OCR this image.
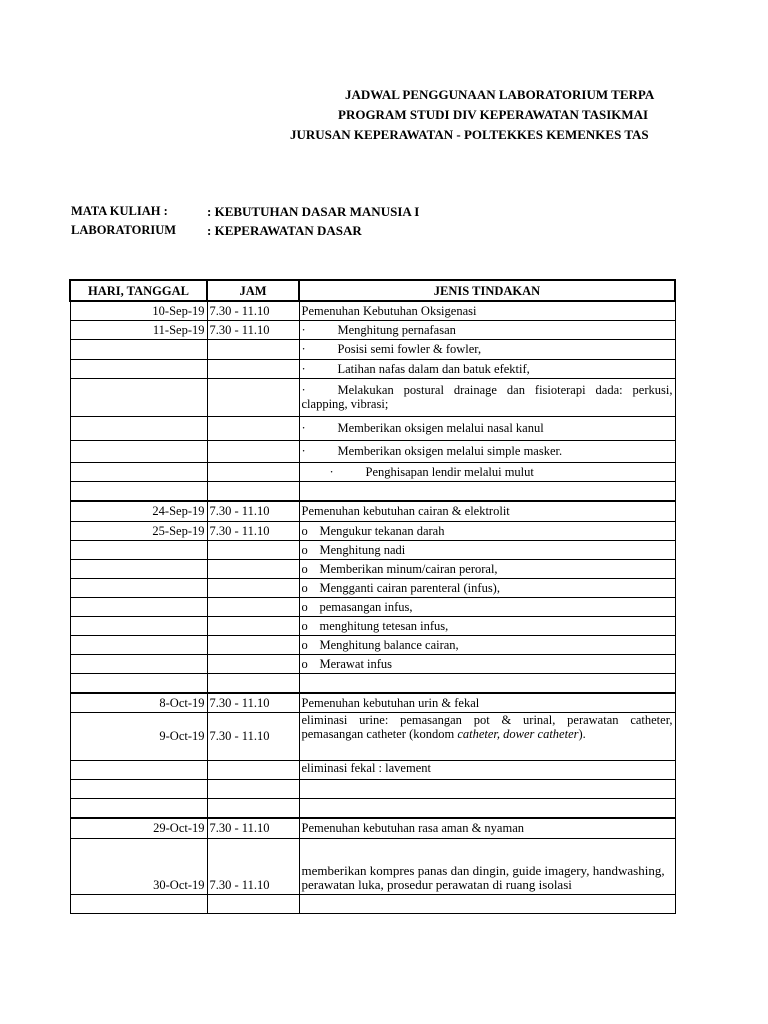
JADWAL PENGGUNAAN LABORATORIUM TERPA
PROGRAM STUDI DIV KEPERAWATAN TASIKMAI
JURUSAN KEPERAWATAN - POLTEKKES KEMENKES TAS
MATA KULIAH :	: KEBUTUHAN DASAR MANUSIA I
LABORATORIUM : KEPERAWATAN DASAR
HARI, TANGGAL	JAM	JENIS TINDAKAN
10-Sep-19	7.30 - 11.10	Pemenuhan Kebutuhan Oksigenasi
11-Sep-19	7.30 - 11.10	· Menghitung pernafasan
		· Posisi semi fowler & fowler,
		· Latihan nafas dalam dan batuk efektif,
		· Melakukan postural drainage dan fisioterapi dada: perkusi, clapping, vibrasi;
		· Memberikan oksigen melalui nasal kanul
		· Memberikan oksigen melalui simple masker.
		· Penghisapan lendir melalui mulut

24-Sep-19	7.30 - 11.10	Pemenuhan kebutuhan cairan & elektrolit
25-Sep-19	7.30 - 11.10	o Mengukur tekanan darah
		o Menghitung nadi
		o Memberikan minum/cairan peroral,
		o Mengganti cairan parenteral (infus),
		o pemasangan infus,
		o menghitung tetesan infus,
		o Menghitung balance cairan,
		o Merawat infus

8-Oct-19	7.30 - 11.10	Pemenuhan kebutuhan urin & fekal
9-Oct-19	7.30 - 11.10	eliminasi urine: pemasangan pot & urinal, perawatan catheter, pemasangan catheter (kondom catheter, dower catheter).
		eliminasi fekal : lavement

29-Oct-19	7.30 - 11.10	Pemenuhan kebutuhan rasa aman & nyaman
30-Oct-19	7.30 - 11.10	memberikan kompres panas dan dingin, guide imagery, handwashing, perawatan luka, prosedur perawatan di ruang isolasi
